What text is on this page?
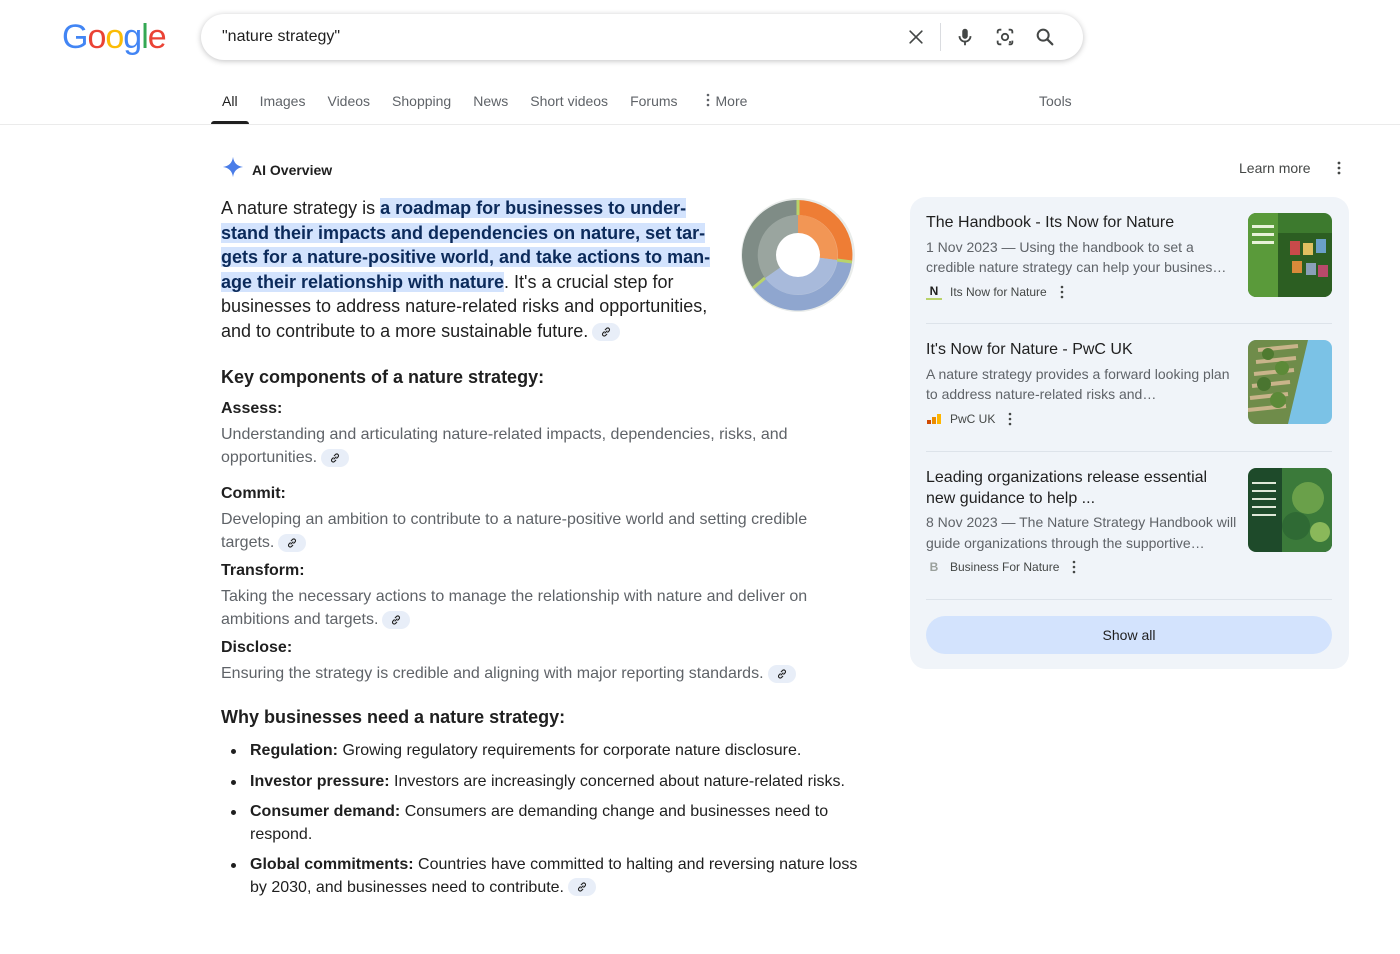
Google	"nature strategy"
All	Images	Videos	Shopping	News	Short videos	Forums	More	Tools
AI Overview	Learn more
A nature strategy is a roadmap for businesses to understand their impacts and dependencies on nature, set targets for a nature-positive world, and take actions to manage their relationship with nature. It's a crucial step for businesses to address nature-related risks and opportunities, and to contribute to a more sustainable future.
Key components of a nature strategy:
Assess:
Understanding and articulating nature-related impacts, dependencies, risks, and opportunities.
Commit:
Developing an ambition to contribute to a nature-positive world and setting credible targets.
Transform:
Taking the necessary actions to manage the relationship with nature and deliver on ambitions and targets.
Disclose:
Ensuring the strategy is credible and aligning with major reporting standards.
Why businesses need a nature strategy:
Regulation: Growing regulatory requirements for corporate nature disclosure.
Investor pressure: Investors are increasingly concerned about nature-related risks.
Consumer demand: Consumers are demanding change and businesses need to respond.
Global commitments: Countries have committed to halting and reversing nature loss by 2030, and businesses need to contribute.
The Handbook - Its Now for Nature
1 Nov 2023 — Using the handbook to set a credible nature strategy can help your busines…
N Its Now for Nature
It's Now for Nature - PwC UK
A nature strategy provides a forward looking plan to address nature-related risks and…
PwC UK
Leading organizations release essential new guidance to help ...
8 Nov 2023 — The Nature Strategy Handbook will guide organizations through the supportive…
B Business For Nature
Show all
